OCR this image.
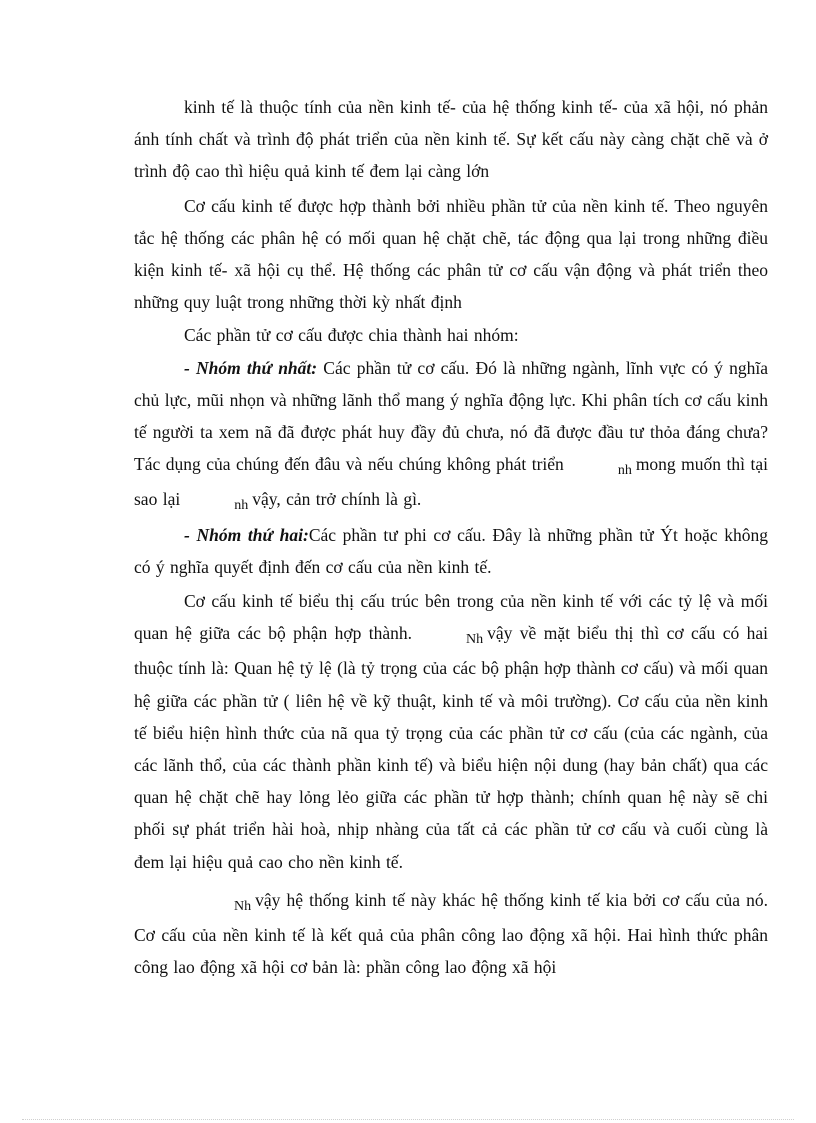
kinh tế là thuộc tính của nền kinh tế- của hệ thống kinh tế- của xã hội, nó phản ánh tính chất và trình độ phát triển của nền kinh tế. Sự kết cấu này càng chặt chẽ và ở trình độ cao thì hiệu quả kinh tế đem lại càng lớn

Cơ cấu kinh tế được hợp thành bởi nhiều phần tử của nền kinh tế. Theo nguyên tắc hệ thống các phân hệ có mối quan hệ chặt chẽ, tác động qua lại trong những điều kiện kinh tế- xã hội cụ thể. Hệ thống các phân tử cơ cấu vận động và phát triển theo những quy luật trong những thời kỳ nhất định

Các phần tử cơ cấu được chia thành hai nhóm:

- Nhóm thứ nhất: Các phần tử cơ cấu. Đó là những ngành, lĩnh vực có ý nghĩa chủ lực, mũi nhọn và những lãnh thổ mang ý nghĩa động lực. Khi phân tích cơ cấu kinh tế người ta xem nã đã được phát huy đầy đủ chưa, nó đã được đầu tư thỏa đáng chưa? Tác dụng của chúng đến đâu và nếu chúng không phát triển	nh mong muốn thì tại sao lại	nh vậy, cản trở chính là gì.

- Nhóm thứ hai:Các phần tư phi cơ cấu. Đây là những phần tử Ýt hoặc không có ý nghĩa quyết định đến cơ cấu của nền kinh tế.

Cơ cấu kinh tế biểu thị cấu trúc bên trong của nền kinh tế với các tỷ lệ và mối quan hệ giữa các bộ phận hợp thành.	Nh vậy về mặt biểu thị thì cơ cấu có hai thuộc tính là: Quan hệ tỷ lệ (là tỷ trọng của các bộ phận hợp thành cơ cấu) và mối quan hệ giữa các phần tử ( liên hệ về kỹ thuật, kinh tế và môi trường). Cơ cấu của nền kinh tế biểu hiện hình thức của nã qua tỷ trọng của các phần tử cơ cấu (của các ngành, của các lãnh thổ, của các thành phần kinh tế) và biểu hiện nội dung (hay bản chất) qua các quan hệ chặt chẽ hay lỏng lẻo giữa các phần tử hợp thành; chính quan hệ này sẽ chi phối sự phát triển hài hoà, nhịp nhàng của tất cả các phần tử cơ cấu và cuối cùng là đem lại hiệu quả cao cho nền kinh tế.

Nh vậy hệ thống kinh tế này khác hệ thống kinh tế kia bởi cơ cấu của nó. Cơ cấu của nền kinh tế là kết quả của phân công lao động xã hội. Hai hình thức phân công lao động xã hội cơ bản là: phần công lao động xã hội
